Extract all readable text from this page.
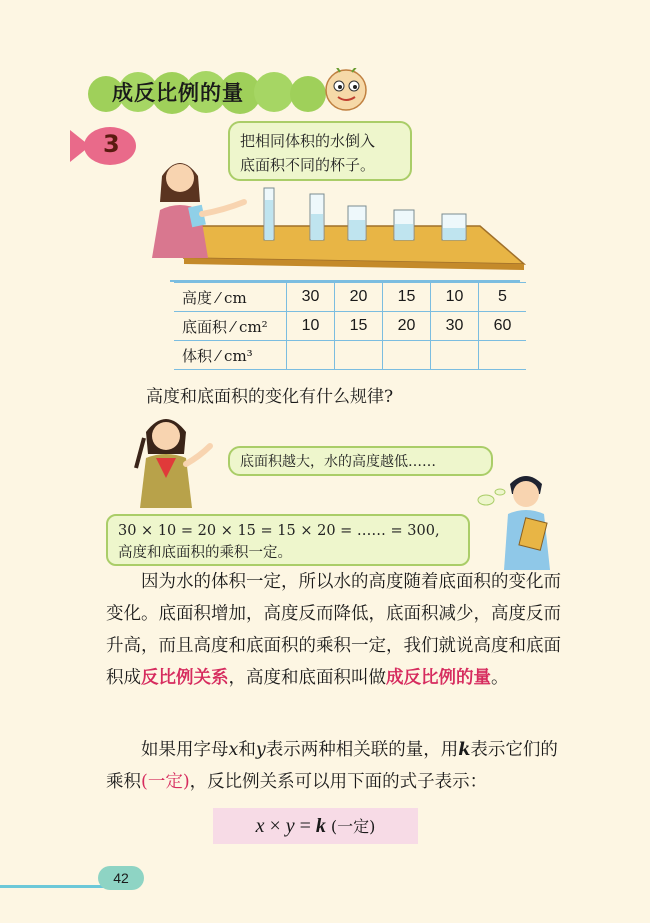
成反比例的量
3	把相同体积的水倒入
底面积不同的杯子。
高度 ⁄ cm	30	20	15	10	5
底面积 ⁄ cm²	10	15	20	30	60
体积 ⁄ cm³					
高度和底面积的变化有什么规律?
底面积越大，水的高度越低……
30 × 10 = 20 × 15 = 15 × 20 = …… = 300,
高度和底面积的乘积一定。
因为水的体积一定，所以水的高度随着底面积的变化而变化。底面积增加，高度反而降低，底面积减少，高度反而升高，而且高度和底面积的乘积一定，我们就说高度和底面积成反比例关系，高度和底面积叫做成反比例的量。
如果用字母x和y表示两种相关联的量，用k表示它们的乘积(一定)，反比例关系可以用下面的式子表示：
x × y = k (一定)
42
